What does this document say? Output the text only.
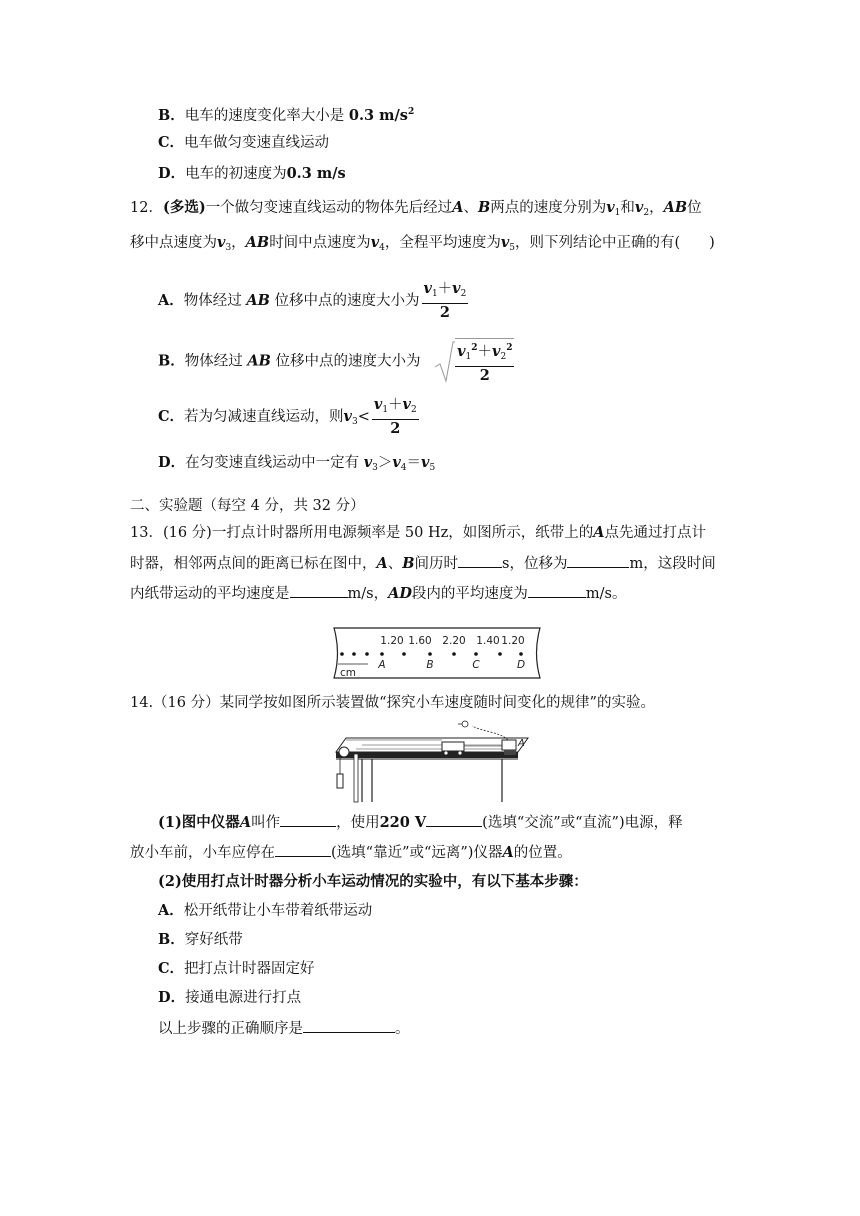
B．电车的速度变化率大小是 0.3 $m/s^2$
C．电车做匀变速直线运动
D．电车的初速度为0.3 m/s
12．(多选)一个做匀变速直线运动的物体先后经过A、B两点的速度分别为$v_1$和$v_2$，AB位
移中点速度为$v_3$，AB时间中点速度为$v_4$，全程平均速度为$v_5$，则下列结论中正确的有(　　)
A．物体经过 AB 位移中点的速度大小为 $\frac{v_1+v_2}{2}$
B．物体经过 AB 位移中点的速度大小为 $\frac{v_1^2+v_2^2}{2}$
C．若为匀减速直线运动，则$v_3< \frac{v_1+v_2}{2}$
D．在匀变速直线运动中一定有 $v_3>v_4=v_5$
二、实验题（每空 4 分，共 32 分）
13．(16 分)一打点计时器所用电源频率是 50 Hz，如图所示，纸带上的A点先通过打点计
时器，相邻两点间的距离已标在图中，A、B间历时	s，位移为	m，这段时间
内纸带运动的平均速度是	m/s，AD段内的平均速度为	m/s。
1.20 1.60 2.20 1.40 1.20
A	B	C	D
cm
14.（16 分）某同学按如图所示装置做“探究小车速度随时间变化的规律”的实验。
A
(1)图中仪器A叫作	，使用220 V	(选填“交流”或“直流”)电源，释
放小车前，小车应停在	(选填“靠近”或“远离”)仪器A的位置。
(2)使用打点计时器分析小车运动情况的实验中，有以下基本步骤：
A．松开纸带让小车带着纸带运动
B．穿好纸带
C．把打点计时器固定好
D．接通电源进行打点
以上步骤的正确顺序是	。
